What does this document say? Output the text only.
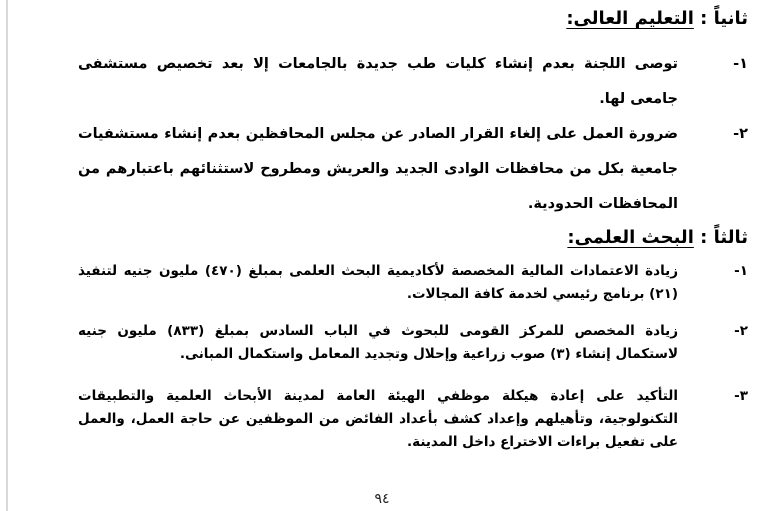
ثانياً : التعليم العالى:
١-
توصى اللجنة بعدم إنشاء كليات طب جديدة بالجامعات إلا بعد تخصيص مستشفى جامعى لها.
٢-
ضرورة العمل على إلغاء القرار الصادر عن مجلس المحافظين بعدم إنشاء مستشفيات جامعية بكل من محافظات الوادى الجديد والعريش ومطروح لاستثنائهم باعتبارهم من المحافظات الحدودية.
ثالثاً : البحث العلمى:
١-
زيادة الاعتمادات المالية المخصصة لأكاديمية البحث العلمى بمبلغ (٤٧٠) مليون جنيه لتنفيذ (٢١) برنامج رئيسي لخدمة كافة المجالات.
٢-
زيادة المخصص للمركز القومى للبحوث في الباب السادس بمبلغ (٨٣٣) مليون جنيه لاستكمال إنشاء (٣) صوب زراعية وإحلال وتجديد المعامل واستكمال المبانى.
٣-
التأكيد على إعادة هيكلة موظفي الهيئة العامة لمدينة الأبحاث العلمية والتطبيقات التكنولوجية، وتأهيلهم وإعداد كشف بأعداد الفائض من الموظفين عن حاجة العمل، والعمل على تفعيل براءات الاختراع داخل المدينة.
٩٤
